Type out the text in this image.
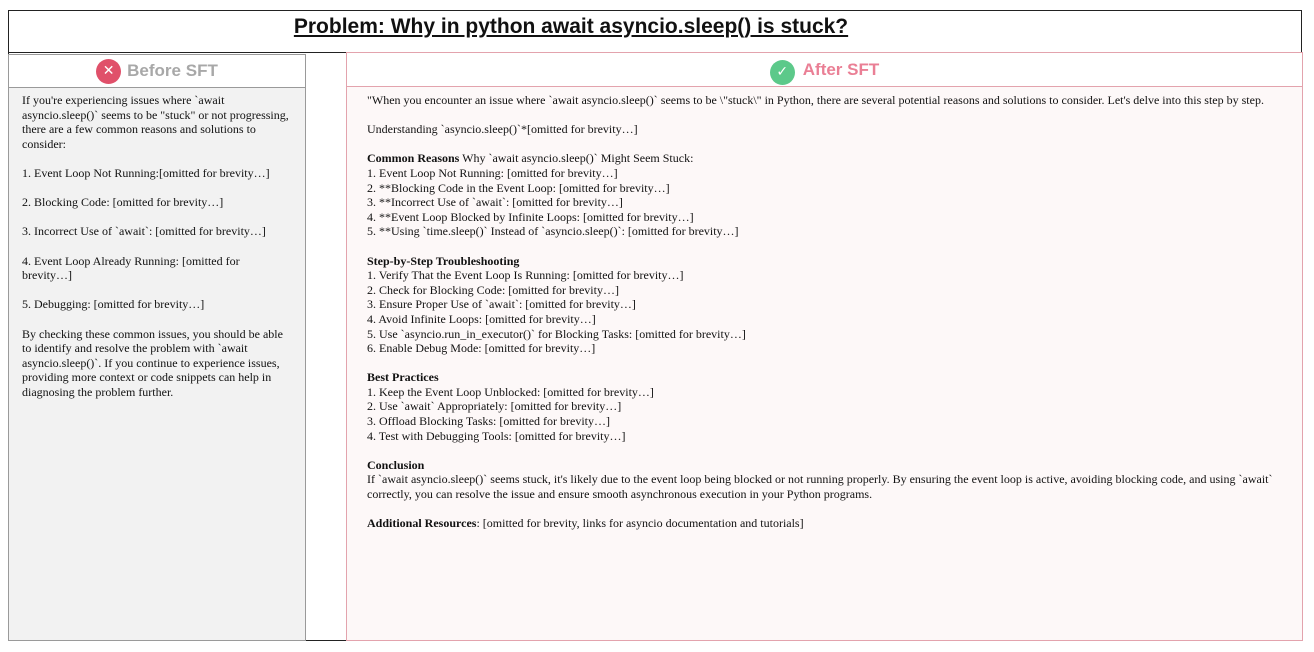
Problem: Why in python await asyncio.sleep() is stuck?
✕ Before SFT

If you're experiencing issues where `await asyncio.sleep()` seems to be "stuck" or not progressing, there are a few common reasons and solutions to consider:

1. Event Loop Not Running:[omitted for brevity…]

2. Blocking Code: [omitted for brevity…]

3. Incorrect Use of `await`: [omitted for brevity…]

4. Event Loop Already Running: [omitted for brevity…]

5. Debugging: [omitted for brevity…]

By checking these common issues, you should be able to identify and resolve the problem with `await asyncio.sleep()`. If you continue to experience issues, providing more context or code snippets can help in diagnosing the problem further.

✓ After SFT

"When you encounter an issue where `await asyncio.sleep()` seems to be \"stuck\" in Python, there are several potential reasons and solutions to consider. Let's delve into this step by step.

Understanding `asyncio.sleep()`*[omitted for brevity…]

Common Reasons Why `await asyncio.sleep()` Might Seem Stuck:
1. Event Loop Not Running: [omitted for brevity…]
2. **Blocking Code in the Event Loop: [omitted for brevity…]
3. **Incorrect Use of `await`: [omitted for brevity…]
4. **Event Loop Blocked by Infinite Loops: [omitted for brevity…]
5. **Using `time.sleep()` Instead of `asyncio.sleep()`: [omitted for brevity…]
Step-by-Step Troubleshooting
1. Verify That the Event Loop Is Running: [omitted for brevity…]
2. Check for Blocking Code: [omitted for brevity…]
3. Ensure Proper Use of `await`: [omitted for brevity…]
4. Avoid Infinite Loops: [omitted for brevity…]
5. Use `asyncio.run_in_executor()` for Blocking Tasks: [omitted for brevity…]
6. Enable Debug Mode: [omitted for brevity…]
Best Practices
1. Keep the Event Loop Unblocked: [omitted for brevity…]
2. Use `await` Appropriately: [omitted for brevity…]
3. Offload Blocking Tasks: [omitted for brevity…]
4. Test with Debugging Tools: [omitted for brevity…]
Conclusion
If `await asyncio.sleep()` seems stuck, it's likely due to the event loop being blocked or not running properly. By ensuring the event loop is active, avoiding blocking code, and using `await` correctly, you can resolve the issue and ensure smooth asynchronous execution in your Python programs.
Additional Resources: [omitted for brevity, links for asyncio documentation and tutorials]
